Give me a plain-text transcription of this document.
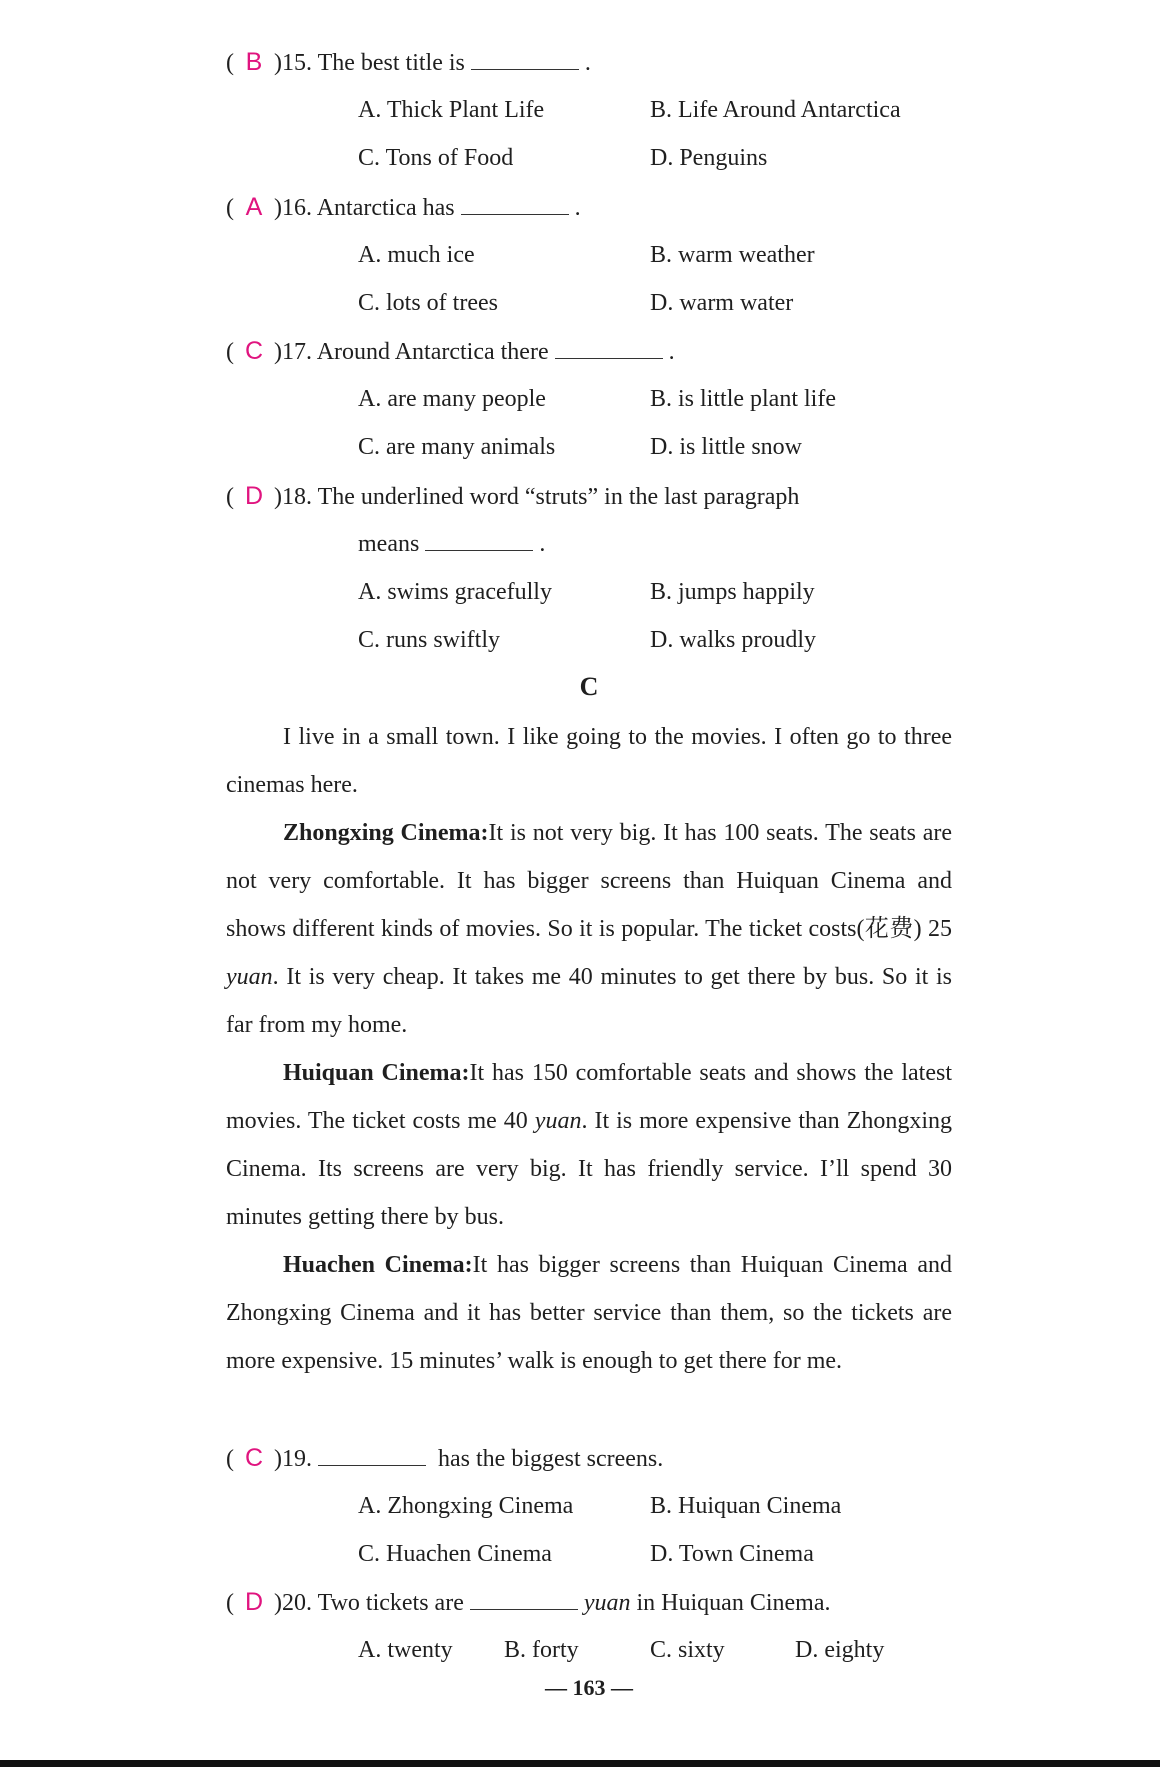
( B )15. The best title is	.
A. Thick Plant Life	B. Life Around Antarctica
C. Tons of Food	D. Penguins
( A )16. Antarctica has	.
A. much ice	B. warm weather
C. lots of trees	D. warm water
( C )17. Around Antarctica there	.
A. are many people	B. is little plant life
C. are many animals	D. is little snow
( D )18. The underlined word “struts” in the last paragraph
means	.
A. swims gracefully	B. jumps happily
C. runs swiftly	D. walks proudly
C
I live in a small town. I like going to the movies. I often go to three cinemas here.
Zhongxing Cinema:It is not very big. It has 100 seats. The seats are not very comfortable. It has bigger screens than Huiquan Cinema and shows different kinds of movies. So it is popular. The ticket costs(花费) 25 yuan. It is very cheap. It takes me 40 minutes to get there by bus. So it is far from my home.
Huiquan Cinema:It has 150 comfortable seats and shows the latest movies. The ticket costs me 40 yuan. It is more expensive than Zhongxing Cinema. Its screens are very big. It has friendly service. I’ll spend 30 minutes getting there by bus.
Huachen Cinema:It has bigger screens than Huiquan Cinema and Zhongxing Cinema and it has better service than them, so the tickets are more expensive. 15 minutes’ walk is enough to get there for me.
( C )19.	has the biggest screens.
A. Zhongxing Cinema	B. Huiquan Cinema
C. Huachen Cinema	D. Town Cinema
( D )20. Two tickets are	yuan in Huiquan Cinema.
A. twenty B. forty	C. sixty	D. eighty
— 163 —
